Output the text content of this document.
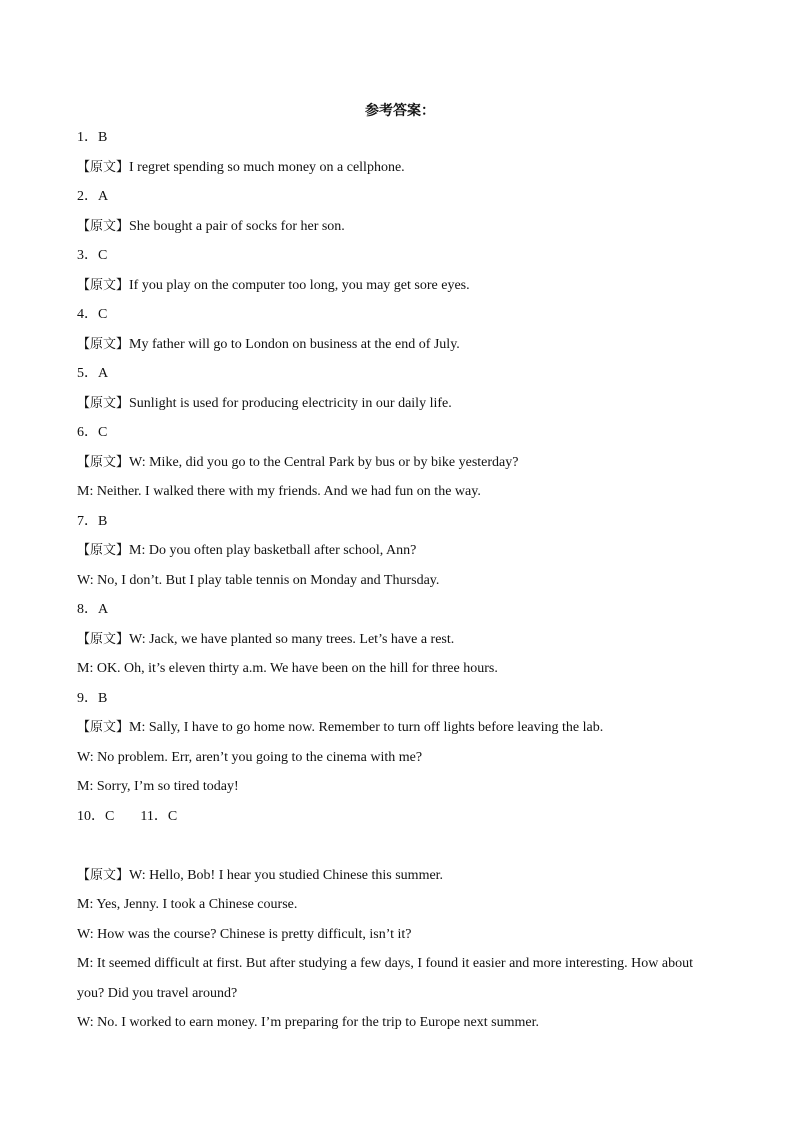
参考答案：
1．B
【原文】I regret spending so much money on a cellphone.
2．A
【原文】She bought a pair of socks for her son.
3．C
【原文】If you play on the computer too long, you may get sore eyes.
4．C
【原文】My father will go to London on business at the end of July.
5．A
【原文】Sunlight is used for producing electricity in our daily life.
6．C
【原文】W: Mike, did you go to the Central Park by bus or by bike yesterday?
M: Neither. I walked there with my friends. And we had fun on the way.
7．B
【原文】M: Do you often play basketball after school, Ann?
W: No, I don’t. But I play table tennis on Monday and Thursday.
8．A
【原文】W: Jack, we have planted so many trees. Let’s have a rest.
M: OK. Oh, it’s eleven thirty a.m. We have been on the hill for three hours.
9．B
【原文】M: Sally, I have to go home now. Remember to turn off lights before leaving the lab.
W: No problem. Err, aren’t you going to the cinema with me?
M: Sorry, I’m so tired today!
10．C 11．C
【原文】W: Hello, Bob! I hear you studied Chinese this summer.
M: Yes, Jenny. I took a Chinese course.
W: How was the course? Chinese is pretty difficult, isn’t it?
M: It seemed difficult at first. But after studying a few days, I found it easier and more interesting. How about
you? Did you travel around?
W: No. I worked to earn money. I’m preparing for the trip to Europe next summer.
